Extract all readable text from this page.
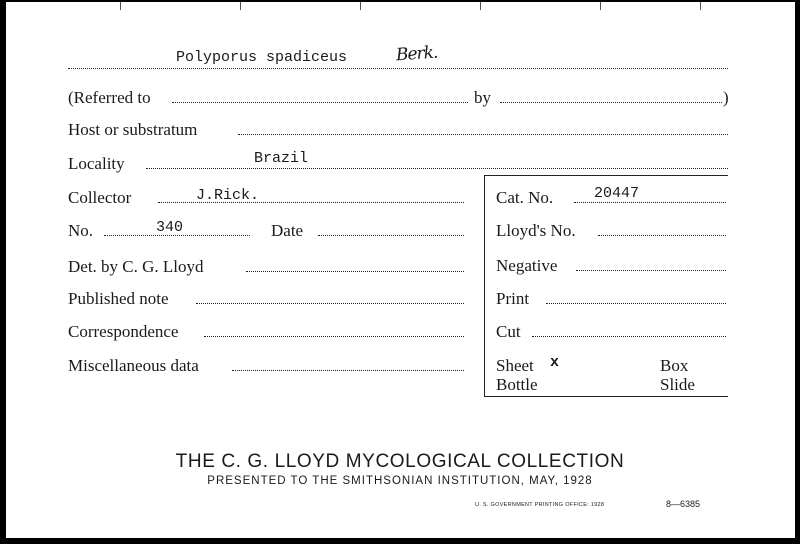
Polyporus spadiceus	Berk.
(Referred to	by	)
Host or substratum
Locality	Brazil
Collector	J.Rick.
No.	340	Date
Det. by C. G. Lloyd
Published note
Correspondence
Miscellaneous data
Cat. No.	20447
Lloyd's No.
Negative
Print
Cut
Sheet x	Box
Bottle	Slide
THE C. G. LLOYD MYCOLOGICAL COLLECTION
PRESENTED TO THE SMITHSONIAN INSTITUTION, MAY, 1928
U. S. GOVERNMENT PRINTING OFFICE: 1928	8—6385
